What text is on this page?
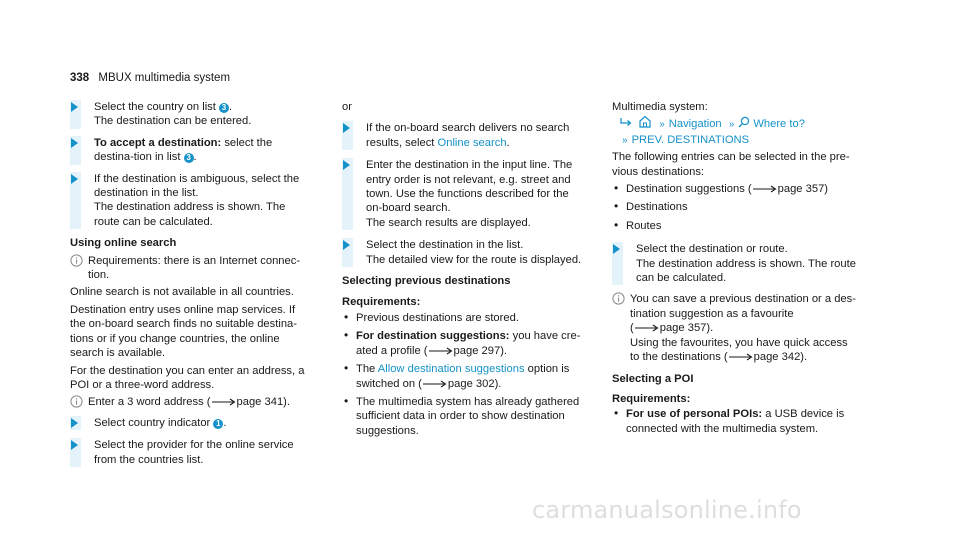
338 MBUX multimedia system
Select the country on list 3 .
The destination can be entered.
To accept a destination: select the destina‐tion in list 3 .
If the destination is ambiguous, select the destination in the list.
The destination address is shown. The route can be calculated.
Using online search
Requirements: there is an Internet connec‐tion.
Online search is not available in all countries.
Destination entry uses online map services. If the on-board search finds no suitable destina‐tions or if you change countries, the online search is available.
For the destination you can enter an address, a POI or a three-word address.
Enter a 3 word address ( page 341).
Select country indicator 1 .
Select the provider for the online service from the countries list.
or
If the on-board search delivers no search results, select Online search.
Enter the destination in the input line. The entry order is not relevant, e.g. street and town. Use the functions described for the on-board search.
The search results are displayed.
Select the destination in the list.
The detailed view for the route is displayed.
Selecting previous destinations
Requirements:
• Previous destinations are stored.
• For destination suggestions: you have cre‐ated a profile ( page 297).
• The Allow destination suggestions option is switched on ( page 302).
• The multimedia system has already gathered sufficient data in order to show destination suggestions.
Multimedia system:
» Navigation » Where to?
» PREV. DESTINATIONS
The following entries can be selected in the pre‐vious destinations:
• Destination suggestions ( page 357)
• Destinations
• Routes
Select the destination or route.
The destination address is shown. The route can be calculated.
You can save a previous destination or a des‐tination suggestion as a favourite
( page 357).
Using the favourites, you have quick access to the destinations ( page 342).
Selecting a POI
Requirements:
• For use of personal POIs: a USB device is connected with the multimedia system.
carmanualsonline.info
